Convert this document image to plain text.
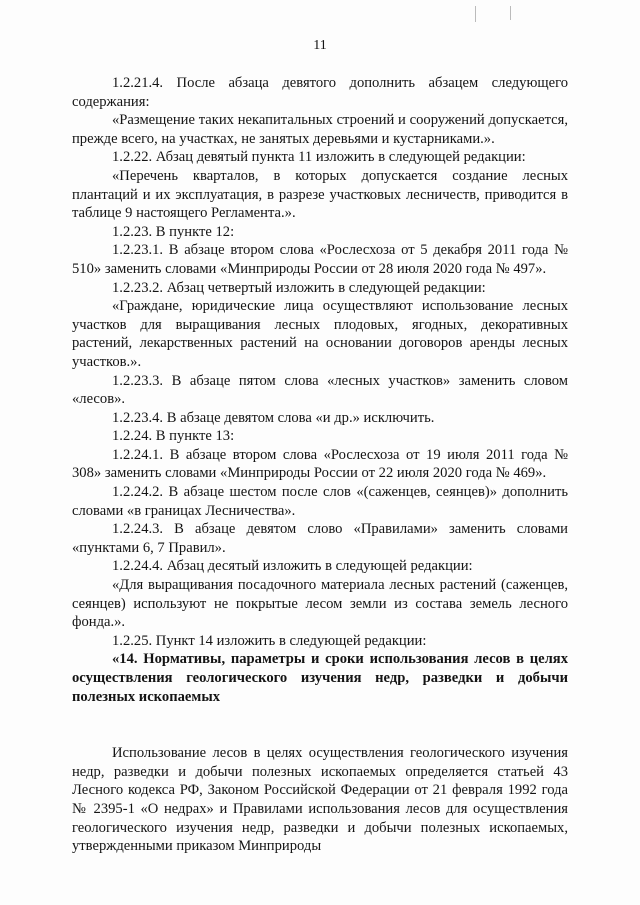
11

1.2.21.4. После абзаца девятого дополнить абзацем следующего содержания:

«Размещение таких некапитальных строений и сооружений допускается, прежде всего, на участках, не занятых деревьями и кустарниками.».

1.2.22. Абзац девятый пункта 11 изложить в следующей редакции:

«Перечень кварталов, в которых допускается создание лесных плантаций и их эксплуатация, в разрезе участковых лесничеств, приводится в таблице 9 настоящего Регламента.».

1.2.23. В пункте 12:

1.2.23.1. В абзаце втором слова «Рослесхоза от 5 декабря 2011 года № 510» заменить словами «Минприроды России от 28 июля 2020 года № 497».

1.2.23.2. Абзац четвертый изложить в следующей редакции:

«Граждане, юридические лица осуществляют использование лесных участков для выращивания лесных плодовых, ягодных, декоративных растений, лекарственных растений на основании договоров аренды лесных участков.».

1.2.23.3. В абзаце пятом слова «лесных участков» заменить словом «лесов».

1.2.23.4. В абзаце девятом слова «и др.» исключить.

1.2.24. В пункте 13:

1.2.24.1. В абзаце втором слова «Рослесхоза от 19 июля 2011 года № 308» заменить словами «Минприроды России от 22 июля 2020 года № 469».

1.2.24.2. В абзаце шестом после слов «(саженцев, сеянцев)» дополнить словами «в границах Лесничества».

1.2.24.3. В абзаце девятом слово «Правилами» заменить словами «пунктами 6, 7 Правил».

1.2.24.4. Абзац десятый изложить в следующей редакции:

«Для выращивания посадочного материала лесных растений (саженцев, сеянцев) используют не покрытые лесом земли из состава земель лесного фонда.».

1.2.25. Пункт 14 изложить в следующей редакции:

«14. Нормативы, параметры и сроки использования лесов в целях осуществления геологического изучения недр, разведки и добычи полезных ископаемых

Использование лесов в целях осуществления геологического изучения недр, разведки и добычи полезных ископаемых определяется статьей 43 Лесного кодекса РФ, Законом Российской Федерации от 21 февраля 1992 года № 2395-1 «О недрах» и Правилами использования лесов для осуществления геологического изучения недр, разведки и добычи полезных ископаемых, утвержденными приказом Минприроды
